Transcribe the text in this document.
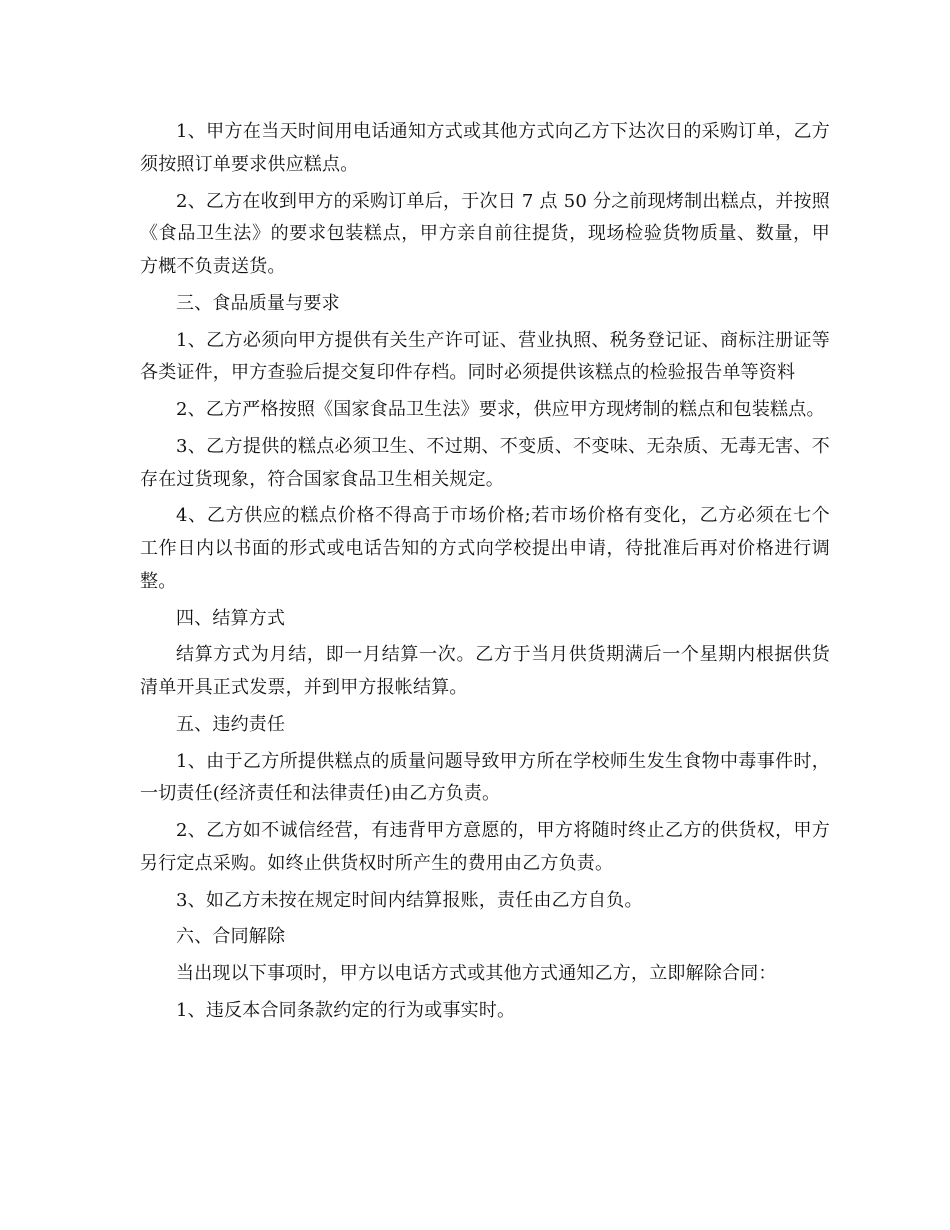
1、甲方在当天时间用电话通知方式或其他方式向乙方下达次日的采购订单，乙方须按照订单要求供应糕点。

2、乙方在收到甲方的采购订单后，于次日 7 点 50 分之前现烤制出糕点，并按照《食品卫生法》的要求包装糕点，甲方亲自前往提货，现场检验货物质量、数量，甲方概不负责送货。

三、食品质量与要求

1、乙方必须向甲方提供有关生产许可证、营业执照、税务登记证、商标注册证等各类证件，甲方查验后提交复印件存档。同时必须提供该糕点的检验报告单等资料

2、乙方严格按照《国家食品卫生法》要求，供应甲方现烤制的糕点和包装糕点。

3、乙方提供的糕点必须卫生、不过期、不变质、不变味、无杂质、无毒无害、不存在过货现象，符合国家食品卫生相关规定。

4、乙方供应的糕点价格不得高于市场价格;若市场价格有变化，乙方必须在七个工作日内以书面的形式或电话告知的方式向学校提出申请，待批准后再对价格进行调整。

四、结算方式

结算方式为月结，即一月结算一次。乙方于当月供货期满后一个星期内根据供货清单开具正式发票，并到甲方报帐结算。

五、违约责任

1、由于乙方所提供糕点的质量问题导致甲方所在学校师生发生食物中毒事件时，一切责任(经济责任和法律责任)由乙方负责。

2、乙方如不诚信经营，有违背甲方意愿的，甲方将随时终止乙方的供货权，甲方另行定点采购。如终止供货权时所产生的费用由乙方负责。

3、如乙方未按在规定时间内结算报账，责任由乙方自负。

六、合同解除

当出现以下事项时，甲方以电话方式或其他方式通知乙方，立即解除合同：

1、违反本合同条款约定的行为或事实时。
